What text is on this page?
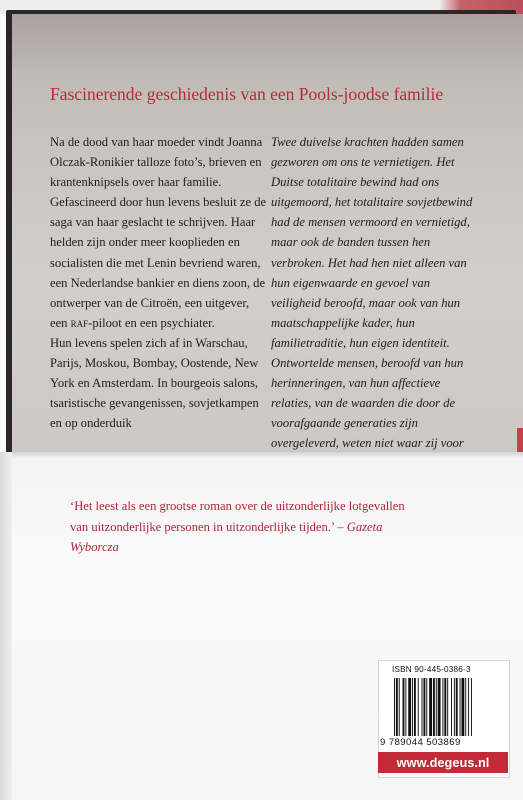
Fascinerende geschiedenis van een Pools-joodse familie

Na de dood van haar moeder vindt Joanna Olczak-Ronikier talloze foto’s, brieven en krantenknipsels over haar familie. Gefascineerd door hun levens besluit ze de saga van haar geslacht te schrijven. Haar helden zijn onder meer kooplieden en socialisten die met Lenin bevriend waren, een Nederlandse bankier en diens zoon, de ontwerper van de Citroën, een uitgever, een raf-piloot en een psychiater.

Hun levens spelen zich af in Warschau, Parijs, Moskou, Bombay, Oostende, New York en Amsterdam. In bourgeois salons, tsaristische gevangenissen, sovjetkampen en op onderduik

Twee duivelse krachten hadden samen gezworen om ons te vernietigen. Het Duitse totalitaire bewind had ons uitgemoord, het totalitaire sovjetbewind had de mensen vermoord en vernietigd, maar ook de banden tussen hen verbroken. Het had hen niet alleen van hun eigenwaarde en gevoel van veiligheid beroofd, maar ook van hun maatschappelijke kader, hun familietraditie, hun eigen identiteit. Ontwortelde mensen, beroofd van hun herinneringen, van hun affectieve relaties, van de waarden die door de voorafgaande generaties zijn overgeleverd, weten niet waar zij voor

‘Het leest als een grootse roman over de uitzonderlijke lotgevallen van uitzonderlijke personen in uitzonderlijke tijden.’ – Gazeta Wyborcza
ISBN 90-445-0386-3
9 789044 503869
www.degeus.nl
